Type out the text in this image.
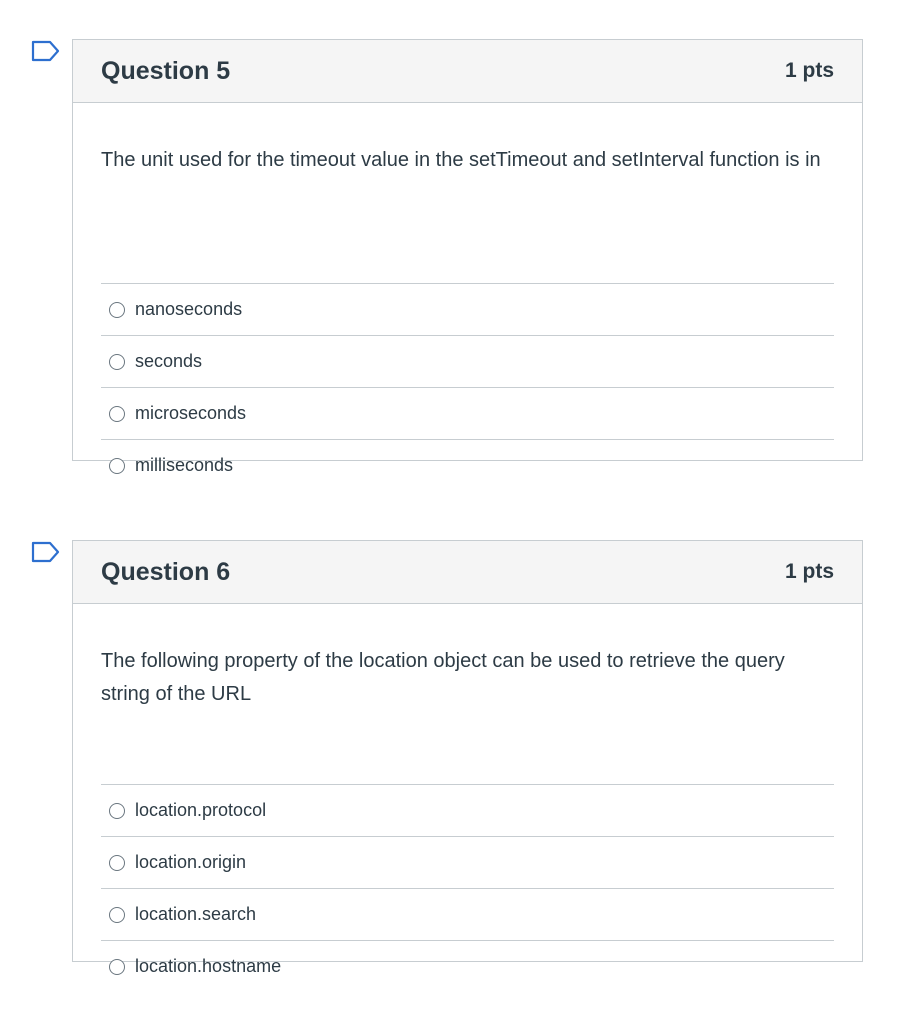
Question 5	1 pts

The unit used for the timeout value in the setTimeout and setInterval function is in

nanoseconds
seconds
microseconds
milliseconds
Question 6	1 pts

The following property of the location object can be used to retrieve the query string of the URL

location.protocol
location.origin
location.search
location.hostname
